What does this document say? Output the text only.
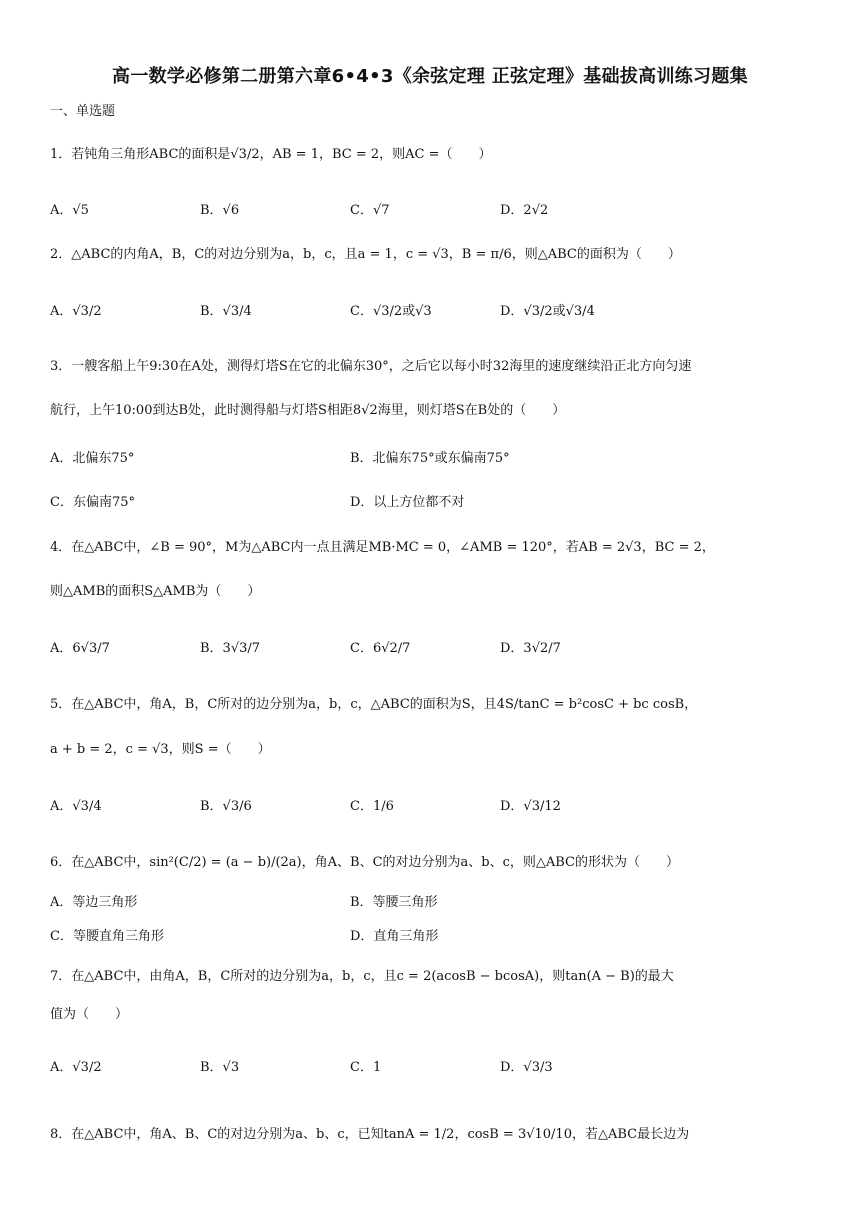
高一数学必修第二册第六章6•4•3《余弦定理 正弦定理》基础拔高训练习题集
一、单选题
1．若钝角三角形ABC的面积是√3/2，AB = 1，BC = 2，则AC =（　　）
A．√5	B．√6	C．√7	D．2√2
2．△ABC的内角A，B，C的对边分别为a，b，c，且a = 1，c = √3，B = π/6，则△ABC的面积为（　　）
A．√3/2	B．√3/4	C．√3/2或√3	D．√3/2或√3/4
3．一艘客船上午9:30在A处，测得灯塔S在它的北偏东30°，之后它以每小时32海里的速度继续沿正北方向匀速
航行，上午10:00到达B处，此时测得船与灯塔S相距8√2海里，则灯塔S在B处的（　　）
A．北偏东75°	B．北偏东75°或东偏南75°
C．东偏南75°	D．以上方位都不对
4．在△ABC中，∠B = 90°，M为△ABC内一点且满足MB·MC = 0，∠AMB = 120°，若AB = 2√3，BC = 2，
则△AMB的面积S△AMB为（　　）
A．6√3/7	B．3√3/7	C．6√2/7	D．3√2/7
5．在△ABC中，角A，B，C所对的边分别为a，b，c，△ABC的面积为S，且4S/tanC = b²cosC + bc cosB，
a + b = 2，c = √3，则S =（　　）
A．√3/4	B．√3/6	C．1/6	D．√3/12
6．在△ABC中，sin²(C/2) = (a − b)/(2a)，角A、B、C的对边分别为a、b、c，则△ABC的形状为（　　）
A．等边三角形	B．等腰三角形
C．等腰直角三角形	D．直角三角形
7．在△ABC中，由角A，B，C所对的边分别为a，b，c，且c = 2(acosB − bcosA)，则tan(A − B)的最大
值为（　　）
A．√3/2	B．√3	C．1	D．√3/3
8．在△ABC中，角A、B、C的对边分别为a、b、c，已知tanA = 1/2，cosB = 3√10/10，若△ABC最长边为
